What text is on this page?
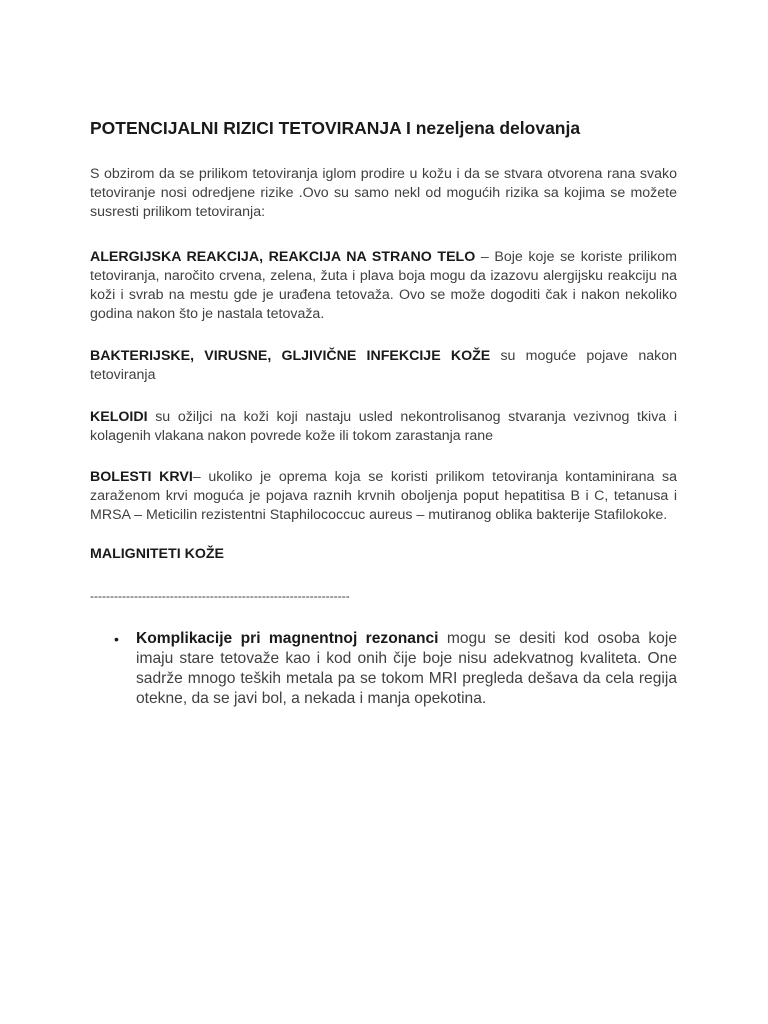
POTENCIJALNI RIZICI TETOVIRANJA I nezeljena delovanja

S obzirom da se prilikom tetoviranja iglom prodire u kožu i da se stvara otvorena rana svako tetoviranje nosi odredjene rizike .Ovo su samo nekl od mogućih rizika sa kojima se možete susresti prilikom tetoviranja:

ALERGIJSKA REAKCIJA, REAKCIJA NA STRANO TELO – Boje koje se koriste prilikom tetoviranja, naročito crvena, zelena, žuta i plava boja mogu da izazovu alergijsku reakciju na koži i svrab na mestu gde je urađena tetovaža. Ovo se može dogoditi čak i nakon nekoliko godina nakon što je nastala tetovaža.

BAKTERIJSKE, VIRUSNE, GLJIVIČNE INFEKCIJE KOŽE su moguće pojave nakon tetoviranja

KELOIDI su ožiljci na koži koji nastaju usled nekontrolisanog stvaranja vezivnog tkiva i kolagenih vlakana nakon povrede kože ili tokom zarastanja rane

BOLESTI KRVI– ukoliko je oprema koja se koristi prilikom tetoviranja kontaminirana sa zaraženom krvi moguća je pojava raznih krvnih oboljenja poput hepatitisa B i C, tetanusa i MRSA – Meticilin rezistentni Staphilococcuc aureus – mutiranog oblika bakterije Stafilokoke.

MALIGNITETI KOŽE

-----------------------------------------------------------------
• Komplikacije pri magnentnoj rezonanci mogu se desiti kod osoba koje imaju stare tetovaže kao i kod onih čije boje nisu adekvatnog kvaliteta. One sadrže mnogo teških metala pa se tokom MRI pregleda dešava da cela regija otekne, da se javi bol, a nekada i manja opekotina.
